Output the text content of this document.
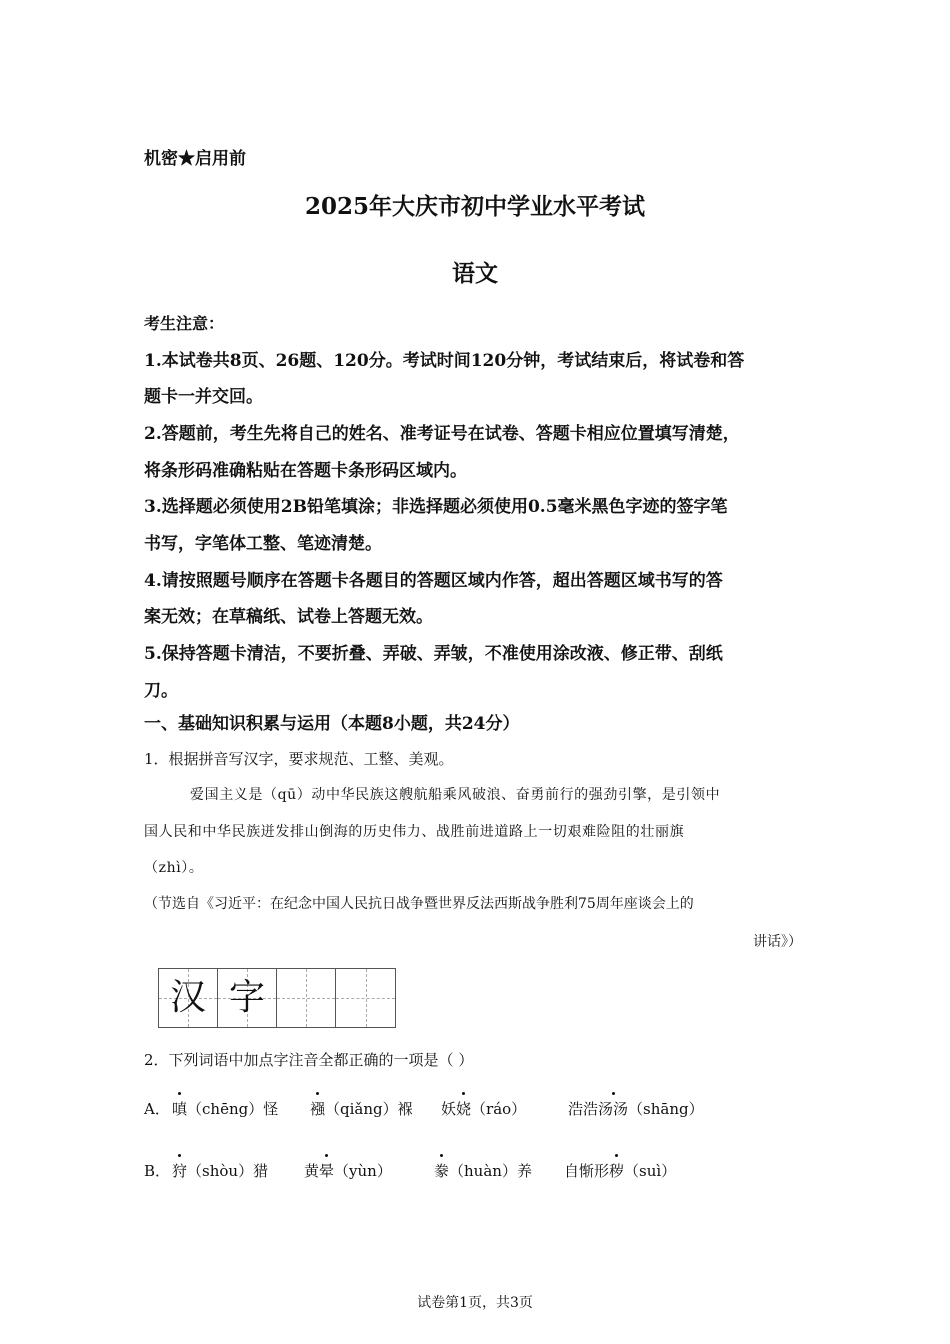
机密★启用前
2025年大庆市初中学业水平考试
语文
考生注意：
1.本试卷共8页、26题、120分。考试时间120分钟，考试结束后，将试卷和答
题卡一并交回。
2.答题前，考生先将自己的姓名、准考证号在试卷、答题卡相应位置填写清楚，
将条形码准确粘贴在答题卡条形码区域内。
3.选择题必须使用2B铅笔填涂；非选择题必须使用0.5毫米黑色字迹的签字笔
书写，字笔体工整、笔迹清楚。
4.请按照题号顺序在答题卡各题目的答题区域内作答，超出答题区域书写的答
案无效；在草稿纸、试卷上答题无效。
5.保持答题卡清洁，不要折叠、弄破、弄皱，不准使用涂改液、修正带、刮纸
刀。
一、基础知识积累与运用（本题8小题，共24分）
1．根据拼音写汉字，要求规范、工整、美观。
爱国主义是（qū）动中华民族这艘航船乘风破浪、奋勇前行的强劲引擎，是引领中
国人民和中华民族迸发排山倒海的历史伟力、战胜前进道路上一切艰难险阻的壮丽旗
（zhì）。
（节选自《习近平：在纪念中国人民抗日战争暨世界反法西斯战争胜利75周年座谈会上的
讲话》）
汉 字
2．下列词语中加点字注音全都正确的一项是（ ）
A． 嗔（chēng）怪 襁（qiǎng）褓 妖娆（ráo）	浩浩汤汤（shāng）
B． 狩（shòu）猎 黄晕（yùn）	豢（huàn）养 自惭形秽（suì）
试卷第1页，共3页
